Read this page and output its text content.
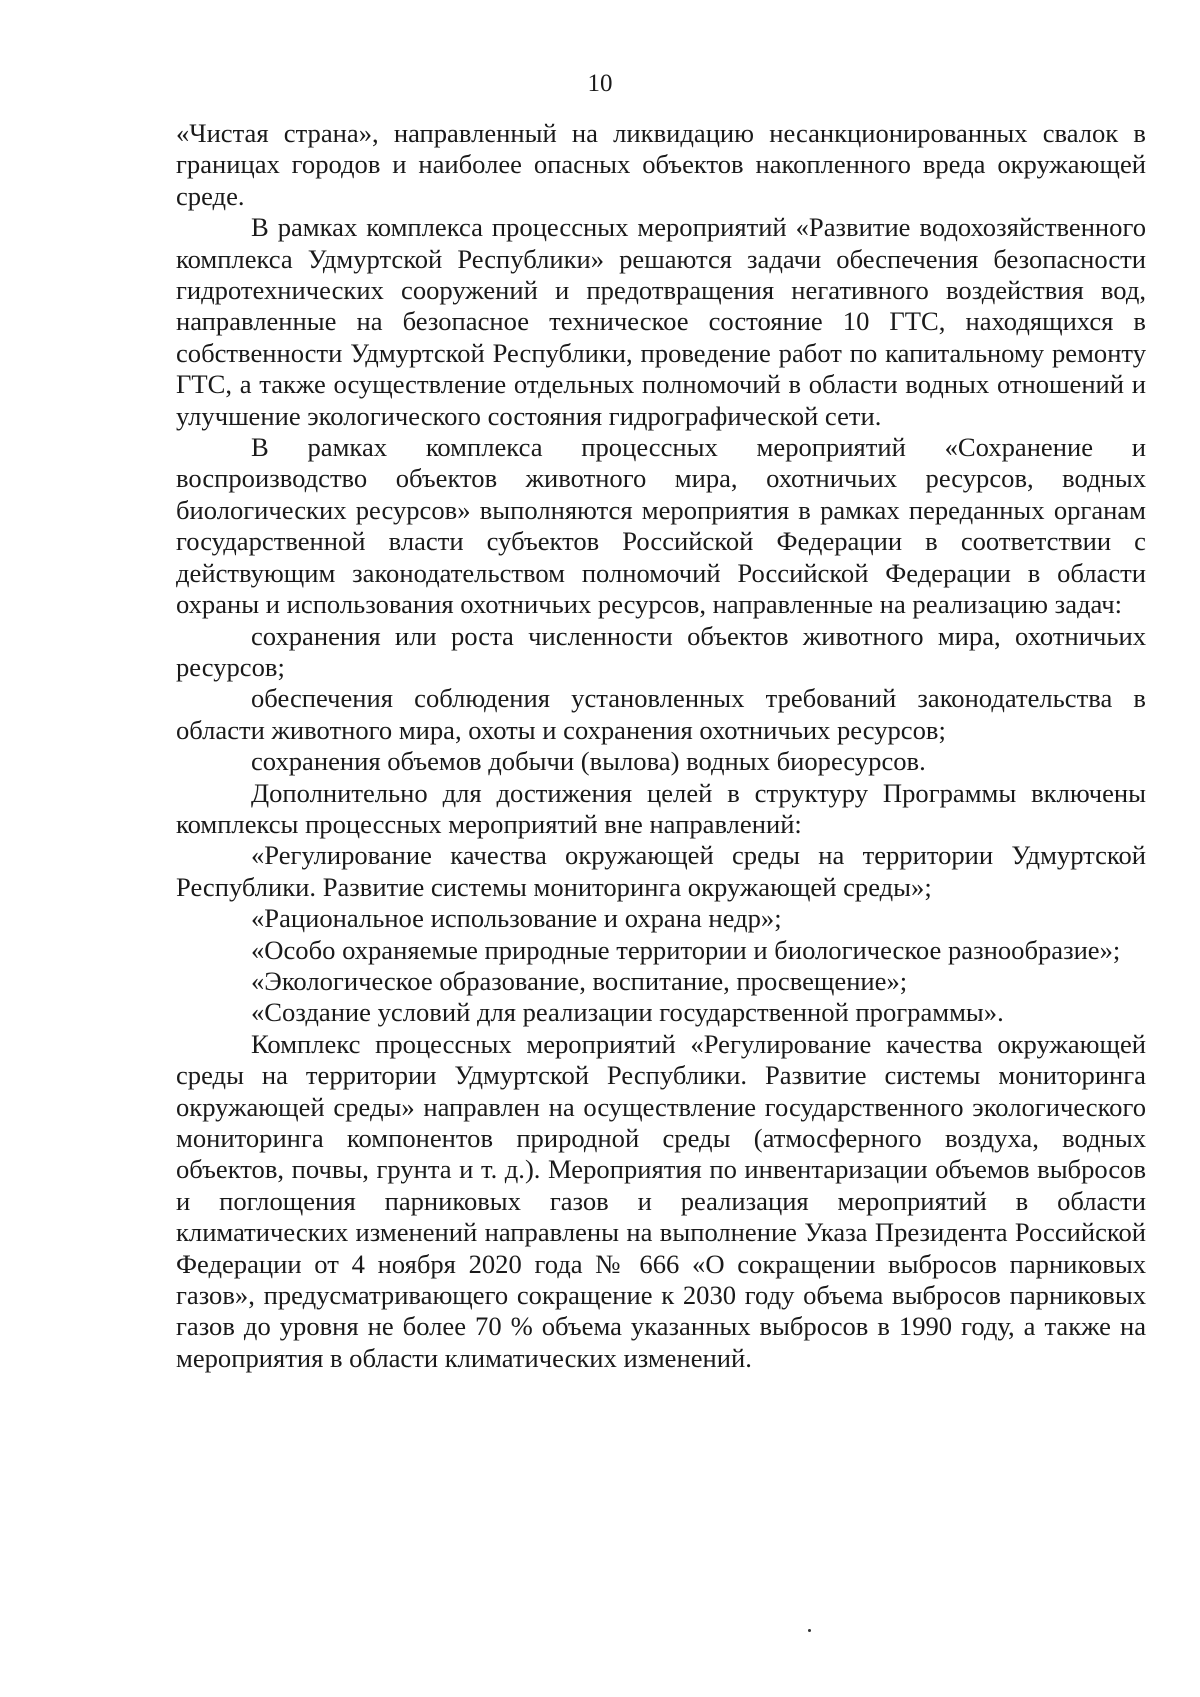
10

«Чистая страна», направленный на ликвидацию несанкционированных свалок в границах городов и наиболее опасных объектов накопленного вреда окружающей среде.

В рамках комплекса процессных мероприятий «Развитие водохозяйственного комплекса Удмуртской Республики» решаются задачи обеспечения безопасности гидротехнических сооружений и предотвращения негативного воздействия вод, направленные на безопасное техническое состояние 10 ГТС, находящихся в собственности Удмуртской Республики, проведение работ по капитальному ремонту ГТС, а также осуществление отдельных полномочий в области водных отношений и улучшение экологического состояния гидрографической сети.

В рамках комплекса процессных мероприятий «Сохранение и воспроизводство объектов животного мира, охотничьих ресурсов, водных биологических ресурсов» выполняются мероприятия в рамках переданных органам государственной власти субъектов Российской Федерации в соответствии с действующим законодательством полномочий Российской Федерации в области охраны и использования охотничьих ресурсов, направленные на реализацию задач:

сохранения или роста численности объектов животного мира, охотничьих ресурсов;

обеспечения соблюдения установленных требований законодательства в области животного мира, охоты и сохранения охотничьих ресурсов;

сохранения объемов добычи (вылова) водных биоресурсов.

Дополнительно для достижения целей в структуру Программы включены комплексы процессных мероприятий вне направлений:

«Регулирование качества окружающей среды на территории Удмуртской Республики. Развитие системы мониторинга окружающей среды»;

«Рациональное использование и охрана недр»;

«Особо охраняемые природные территории и биологическое разнообразие»;

«Экологическое образование, воспитание, просвещение»;

«Создание условий для реализации государственной программы».

Комплекс процессных мероприятий «Регулирование качества окружающей среды на территории Удмуртской Республики. Развитие системы мониторинга окружающей среды» направлен на осуществление государственного экологического мониторинга компонентов природной среды (атмосферного воздуха, водных объектов, почвы, грунта и т. д.). Мероприятия по инвентаризации объемов выбросов и поглощения парниковых газов и реализация мероприятий в области климатических изменений направлены на выполнение Указа Президента Российской Федерации от 4 ноября 2020 года № 666 «О сокращении выбросов парниковых газов», предусматривающего сокращение к 2030 году объема выбросов парниковых газов до уровня не более 70 % объема указанных выбросов в 1990 году, а также на мероприятия в области климатических изменений.
